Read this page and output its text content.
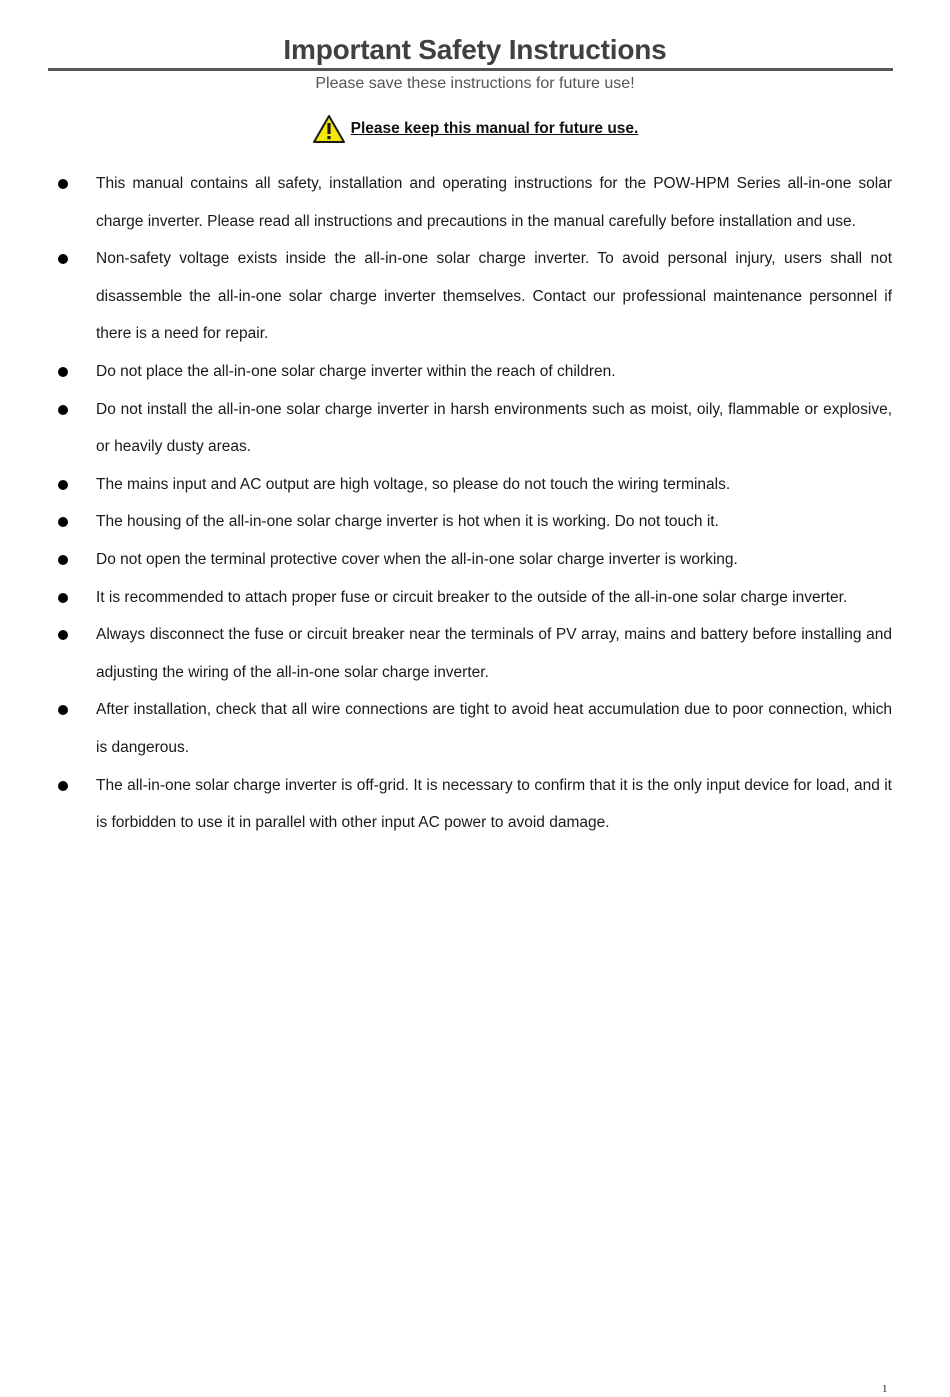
Important Safety Instructions
Please save these instructions for future use!
Please keep this manual for future use.
This manual contains all safety, installation and operating instructions for the POW-HPM Series all-in-one solar charge inverter. Please read all instructions and precautions in the manual carefully before installation and use.
Non-safety voltage exists inside the all-in-one solar charge inverter. To avoid personal injury, users shall not disassemble the all-in-one solar charge inverter themselves. Contact our professional maintenance personnel if there is a need for repair.
Do not place the all-in-one solar charge inverter within the reach of children.
Do not install the all-in-one solar charge inverter in harsh environments such as moist, oily, flammable or explosive, or heavily dusty areas.
The mains input and AC output are high voltage, so please do not touch the wiring terminals.
The housing of the all-in-one solar charge inverter is hot when it is working. Do not touch it.
Do not open the terminal protective cover when the all-in-one solar charge inverter is working.
It is recommended to attach proper fuse or circuit breaker to the outside of the all-in-one solar charge inverter.
Always disconnect the fuse or circuit breaker near the terminals of PV array, mains and battery before installing and adjusting the wiring of the all-in-one solar charge inverter.
After installation, check that all wire connections are tight to avoid heat accumulation due to poor connection, which is dangerous.
The all-in-one solar charge inverter is off-grid. It is necessary to confirm that it is the only input device for load, and it is forbidden to use it in parallel with other input AC power to avoid damage.
1
